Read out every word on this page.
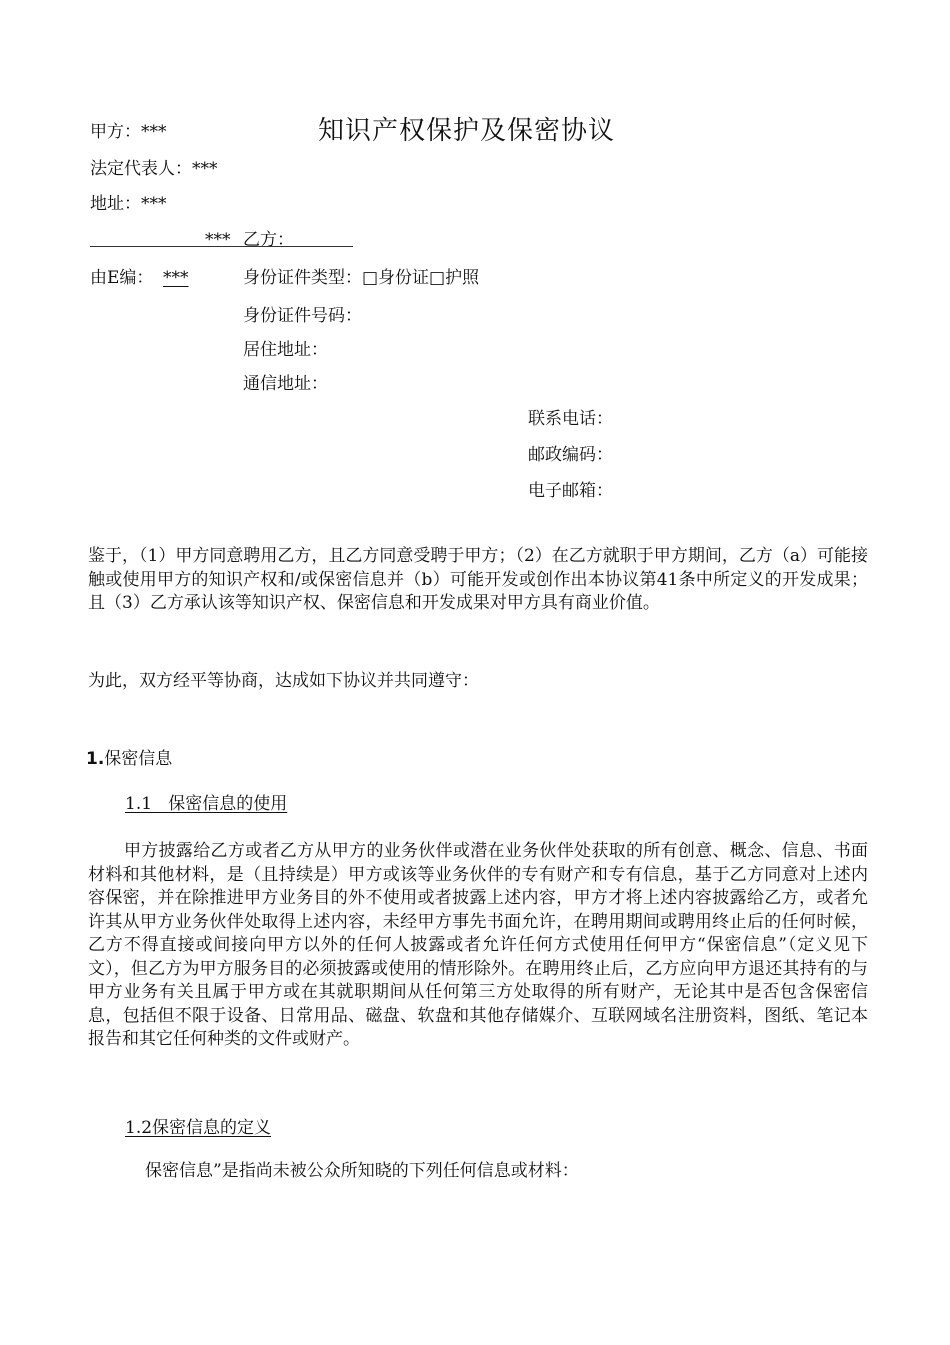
甲方：***	知识产权保护及保密协议
法定代表人：***
地址：***
*** 乙方：
由E编： ***	身份证件类型：□身份证□护照
身份证件号码：
居住地址：
通信地址：
联系电话：
邮政编码：
电子邮箱：
鉴于，（1）甲方同意聘用乙方，且乙方同意受聘于甲方；（2）在乙方就职于甲方期间，乙方（a）可能接触或使用甲方的知识产权和/或保密信息并（b）可能开发或创作出本协议第41条中所定义的开发成果；且（3）乙方承认该等知识产权、保密信息和开发成果对甲方具有商业价值。
为此，双方经平等协商，达成如下协议并共同遵守：
1.保密信息
1.1   保密信息的使用
甲方披露给乙方或者乙方从甲方的业务伙伴或潜在业务伙伴处获取的所有创意、概念、信息、书面材料和其他材料，是（且持续是）甲方或该等业务伙伴的专有财产和专有信息，基于乙方同意对上述内容保密，并在除推进甲方业务目的外不使用或者披露上述内容，甲方才将上述内容披露给乙方，或者允许其从甲方业务伙伴处取得上述内容，未经甲方事先书面允许，在聘用期间或聘用终止后的任何时候，乙方不得直接或间接向甲方以外的任何人披露或者允许任何方式使用任何甲方“保密信息”（定义见下文），但乙方为甲方服务目的必须披露或使用的情形除外。在聘用终止后，乙方应向甲方退还其持有的与甲方业务有关且属于甲方或在其就职期间从任何第三方处取得的所有财产，无论其中是否包含保密信息，包括但不限于设备、日常用品、磁盘、软盘和其他存储媒介、互联网域名注册资料，图纸、笔记本报告和其它任何种类的文件或财产。
1.2保密信息的定义
保密信息”是指尚未被公众所知晓的下列任何信息或材料：
